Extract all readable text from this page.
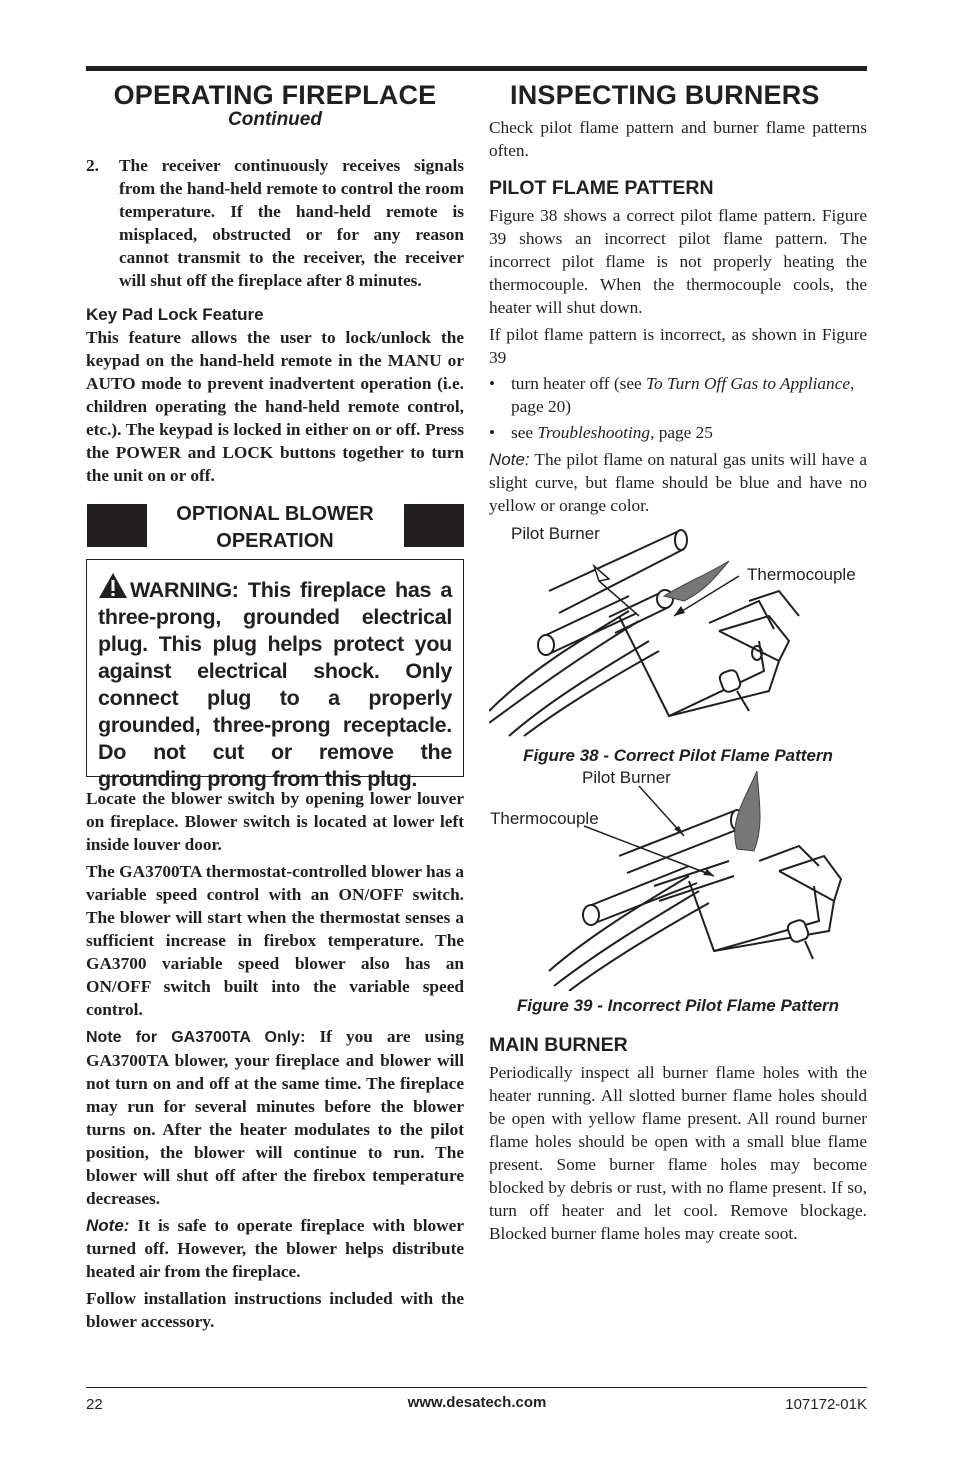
OPERATING FIREPLACE
Continued
2.	The receiver continuously receives signals from the hand-held remote to control the room temperature. If the hand-held remote is misplaced, obstructed or for any reason cannot transmit to the receiver, the receiver will shut off the fireplace after 8 minutes.

Key Pad Lock Feature

This feature allows the user to lock/unlock the keypad on the hand-held remote in the MANU or AUTO mode to prevent inadvertent operation (i.e. children operating the hand-held remote control, etc.). The keypad is locked in either on or off. Press the POWER and LOCK buttons together to turn the unit on or off.

OPTIONAL BLOWER
OPERATION

WARNING: This fireplace has a three-prong, grounded electrical plug. This plug helps protect you against electrical shock. Only connect plug to a properly grounded, three-prong receptacle. Do not cut or remove the grounding prong from this plug.

Locate the blower switch by opening lower louver on fireplace. Blower switch is located at lower left inside louver door.

The GA3700TA thermostat-controlled blower has a variable speed control with an ON/OFF switch. The blower will start when the thermostat senses a sufficient increase in firebox temperature. The GA3700 variable speed blower also has an ON/OFF switch built into the variable speed control.

Note for GA3700TA Only: If you are using GA3700TA blower, your fireplace and blower will not turn on and off at the same time. The fireplace may run for several minutes before the blower turns on. After the heater modulates to the pilot position, the blower will continue to run. The blower will shut off after the firebox temperature decreases.

Note: It is safe to operate fireplace with blower turned off. However, the blower helps distribute heated air from the fireplace.

Follow installation instructions included with the blower accessory.

INSPECTING BURNERS

Check pilot flame pattern and burner flame patterns often.

PILOT FLAME PATTERN

Figure 38 shows a correct pilot flame pattern. Figure 39 shows an incorrect pilot flame pattern. The incorrect pilot flame is not properly heating the thermocouple. When the thermocouple cools, the heater will shut down.

If pilot flame pattern is incorrect, as shown in Figure 39

• turn heater off (see To Turn Off Gas to Appliance, page 20)
• see Troubleshooting, page 25

Note: The pilot flame on natural gas units will have a slight curve, but flame should be blue and have no yellow or orange color.

Pilot Burner
Thermocouple
Figure 38 - Correct Pilot Flame Pattern
Pilot Burner
Thermocouple
Figure 39 - Incorrect Pilot Flame Pattern
MAIN BURNER

Periodically inspect all burner flame holes with the heater running. All slotted burner flame holes should be open with yellow flame present. All round burner flame holes should be open with a small blue flame present. Some burner flame holes may become blocked by debris or rust, with no flame present. If so, turn off heater and let cool. Remove blockage. Blocked burner flame holes may create soot.

22	www.desatech.com	107172-01K
